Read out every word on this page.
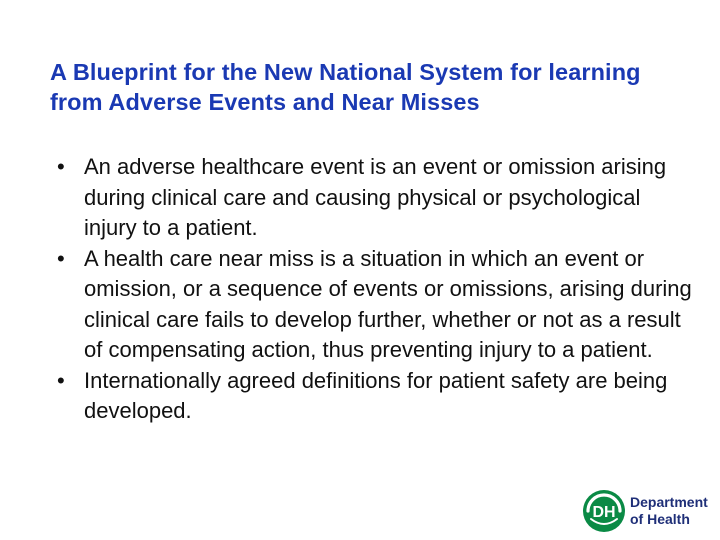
A Blueprint for the New National System for learning from Adverse Events and Near Misses
• An adverse healthcare event is an event or omission arising during clinical care and causing physical or psychological injury to a patient.
• A health care near miss is a situation in which an event or omission, or a sequence of events or omissions, arising during clinical care fails to develop further, whether or not as a result of compensating action, thus preventing injury to a patient.
• Internationally agreed definitions for patient safety are being developed.
DH
Department
of Health
